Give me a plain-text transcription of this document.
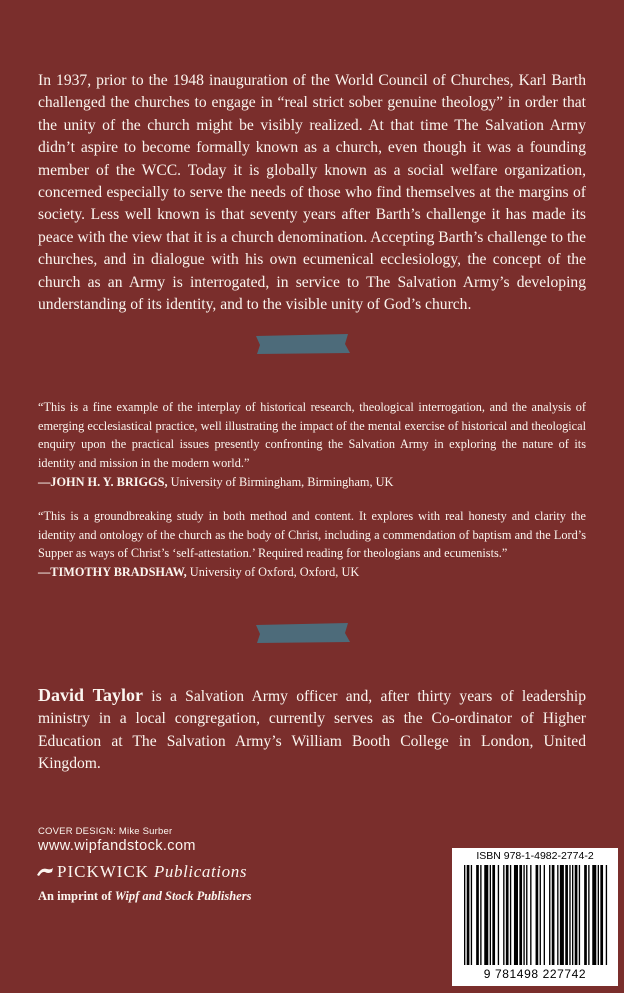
In 1937, prior to the 1948 inauguration of the World Council of Churches, Karl Barth challenged the churches to engage in “real strict sober genuine theology” in order that the unity of the church might be visibly realized. At that time The Salvation Army didn’t aspire to become formally known as a church, even though it was a founding member of the WCC. Today it is globally known as a social welfare organization, concerned especially to serve the needs of those who find themselves at the margins of society. Less well known is that seventy years after Barth’s challenge it has made its peace with the view that it is a church denomination. Accepting Barth’s challenge to the churches, and in dialogue with his own ecumenical ecclesiology, the concept of the church as an Army is interrogated, in service to The Salvation Army’s developing understanding of its identity, and to the visible unity of God’s church.

“This is a fine example of the interplay of historical research, theological interrogation, and the analysis of emerging ecclesiastical practice, well illustrating the impact of the mental exercise of historical and theological enquiry upon the practical issues presently confronting the Salvation Army in exploring the nature of its identity and mission in the modern world.”
—JOHN H. Y. BRIGGS, University of Birmingham, Birmingham, UK

“This is a groundbreaking study in both method and content. It explores with real honesty and clarity the identity and ontology of the church as the body of Christ, including a commendation of baptism and the Lord’s Supper as ways of Christ’s ‘self-attestation.’ Required reading for theologians and ecumenists.”
—TIMOTHY BRADSHAW, University of Oxford, Oxford, UK

David Taylor is a Salvation Army officer and, after thirty years of leadership ministry in a local congregation, currently serves as the Co-ordinator of Higher Education at The Salvation Army’s William Booth College in London, United Kingdom.

COVER DESIGN: Mike Surber
www.wipfandstock.com
PICKWICK Publications
An imprint of Wipf and Stock Publishers
ISBN 978-1-4982-2774-2
9 781498 227742
